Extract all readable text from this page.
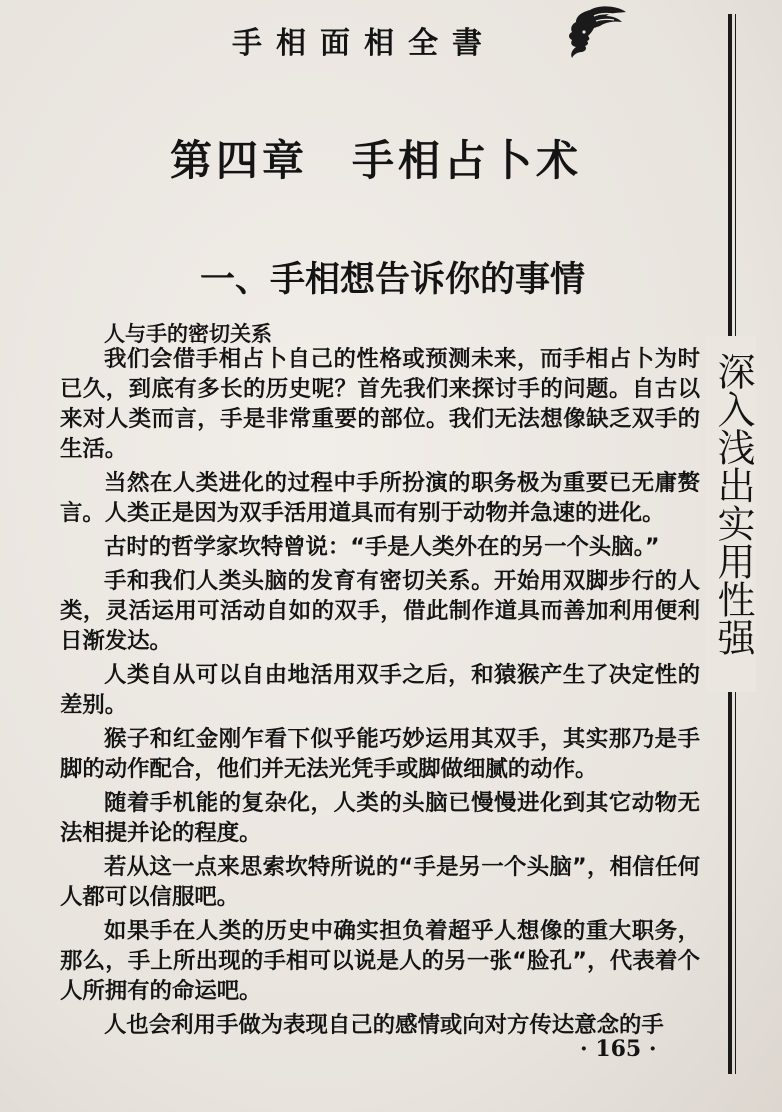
手相面相全書
深入浅出实用性强
第四章 手相占卜术
一、手相想告诉你的事情
人与手的密切关系

我们会借手相占卜自己的性格或预测未来，而手相占卜为时已久，到底有多长的历史呢？首先我们来探讨手的问题。自古以来对人类而言，手是非常重要的部位。我们无法想像缺乏双手的生活。

当然在人类进化的过程中手所扮演的职务极为重要已无庸赘言。人类正是因为双手活用道具而有别于动物并急速的进化。

古时的哲学家坎特曾说：“手是人类外在的另一个头脑。”

手和我们人类头脑的发育有密切关系。开始用双脚步行的人类，灵活运用可活动自如的双手，借此制作道具而善加利用便利日渐发达。

人类自从可以自由地活用双手之后，和猿猴产生了决定性的差别。

猴子和红金刚乍看下似乎能巧妙运用其双手，其实那乃是手脚的动作配合，他们并无法光凭手或脚做细腻的动作。

随着手机能的复杂化，人类的头脑已慢慢进化到其它动物无法相提并论的程度。

若从这一点来思索坎特所说的“手是另一个头脑”，相信任何人都可以信服吧。

如果手在人类的历史中确实担负着超乎人想像的重大职务，那么，手上所出现的手相可以说是人的另一张“脸孔”，代表着个人所拥有的命运吧。

人也会利用手做为表现自己的感情或向对方传达意念的手

· 165 ·
